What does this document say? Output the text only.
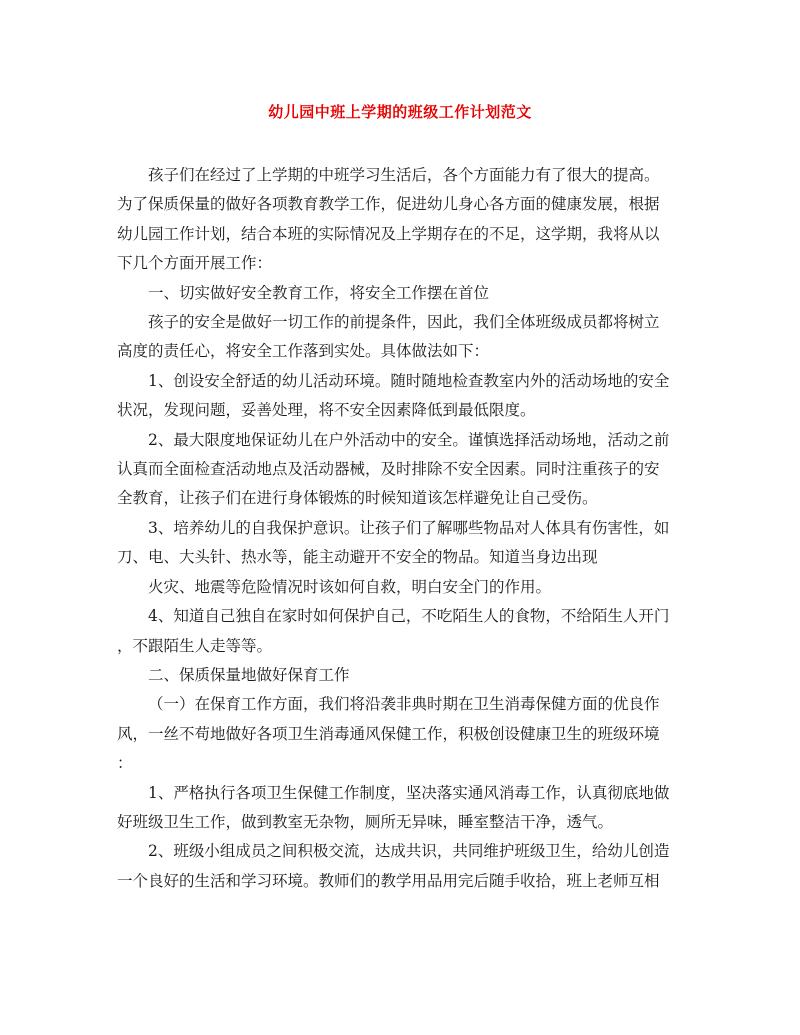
幼儿园中班上学期的班级工作计划范文

孩子们在经过了上学期的中班学习生活后，各个方面能力有了很大的提高。
为了保质保量的做好各项教育教学工作，促进幼儿身心各方面的健康发展，根据
幼儿园工作计划，结合本班的实际情况及上学期存在的不足，这学期，我将从以
下几个方面开展工作：

一、切实做好安全教育工作，将安全工作摆在首位

孩子的安全是做好一切工作的前提条件，因此，我们全体班级成员都将树立
高度的责任心，将安全工作落到实处。具体做法如下：

1、创设安全舒适的幼儿活动环境。随时随地检查教室内外的活动场地的安全
状况，发现问题，妥善处理，将不安全因素降低到最低限度。

2、最大限度地保证幼儿在户外活动中的安全。谨慎选择活动场地，活动之前
认真而全面检查活动地点及活动器械，及时排除不安全因素。同时注重孩子的安
全教育，让孩子们在进行身体锻炼的时候知道该怎样避免让自己受伤。

3、培养幼儿的自我保护意识。让孩子们了解哪些物品对人体具有伤害性，如
刀、电、大头针、热水等，能主动避开不安全的物品。知道当身边出现

火灾、地震等危险情况时该如何自救，明白安全门的作用。

4、知道自己独自在家时如何保护自己，不吃陌生人的食物，不给陌生人开门
，不跟陌生人走等等。

二、保质保量地做好保育工作

（一）在保育工作方面，我们将沿袭非典时期在卫生消毒保健方面的优良作
风，一丝不苟地做好各项卫生消毒通风保健工作，积极创设健康卫生的班级环境
：

1、严格执行各项卫生保健工作制度，坚决落实通风消毒工作，认真彻底地做
好班级卫生工作，做到教室无杂物，厕所无异味，睡室整洁干净，透气。

2、班级小组成员之间积极交流，达成共识，共同维护班级卫生，给幼儿创造
一个良好的生活和学习环境。教师们的教学用品用完后随手收拾，班上老师互相
